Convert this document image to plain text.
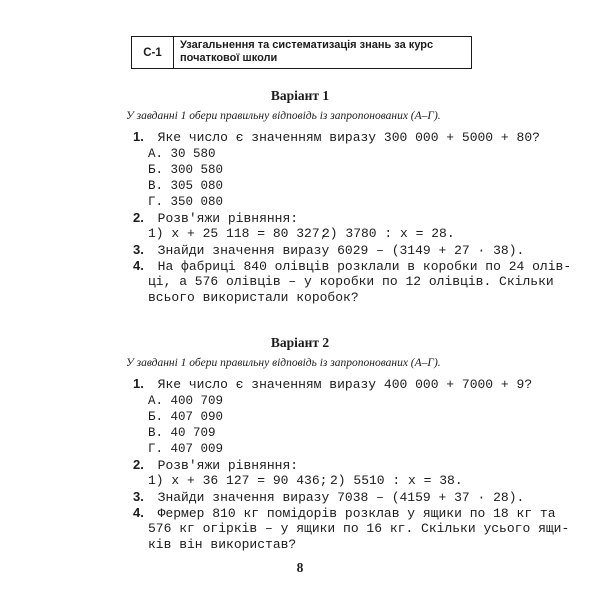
С-1
Узагальнення та систематизація знань за курс
початкової школи
Варіант 1
У завданні 1 обери правильну відповідь із запропонованих (А–Г).
1. Яке число є значенням виразу 300 000 + 5000 + 80?
А. 30 580
Б. 300 580
В. 305 080
Г. 350 080
2. Розв'яжи рівняння:
1) x + 25 118 = 80 327;
2) 3780 : x = 28.
3. Знайди значення виразу 6029 – (3149 + 27 · 38).
4. На фабриці 840 олівців розклали в коробки по 24 олів-
ці, а 576 олівців – у коробки по 12 олівців. Скільки
всього використали коробок?
Варіант 2
У завданні 1 обери правильну відповідь із запропонованих (А–Г).
1. Яке число є значенням виразу 400 000 + 7000 + 9?
А. 400 709
Б. 407 090
В. 40 709
Г. 407 009
2. Розв'яжи рівняння:
1) x + 36 127 = 90 436; 2) 5510 : x = 38.
3. Знайди значення виразу 7038 – (4159 + 37 · 28).
4. Фермер 810 кг помідорів розклав у ящики по 18 кг та
576 кг огірків – у ящики по 16 кг. Скільки усього ящи-
ків він використав?
8
